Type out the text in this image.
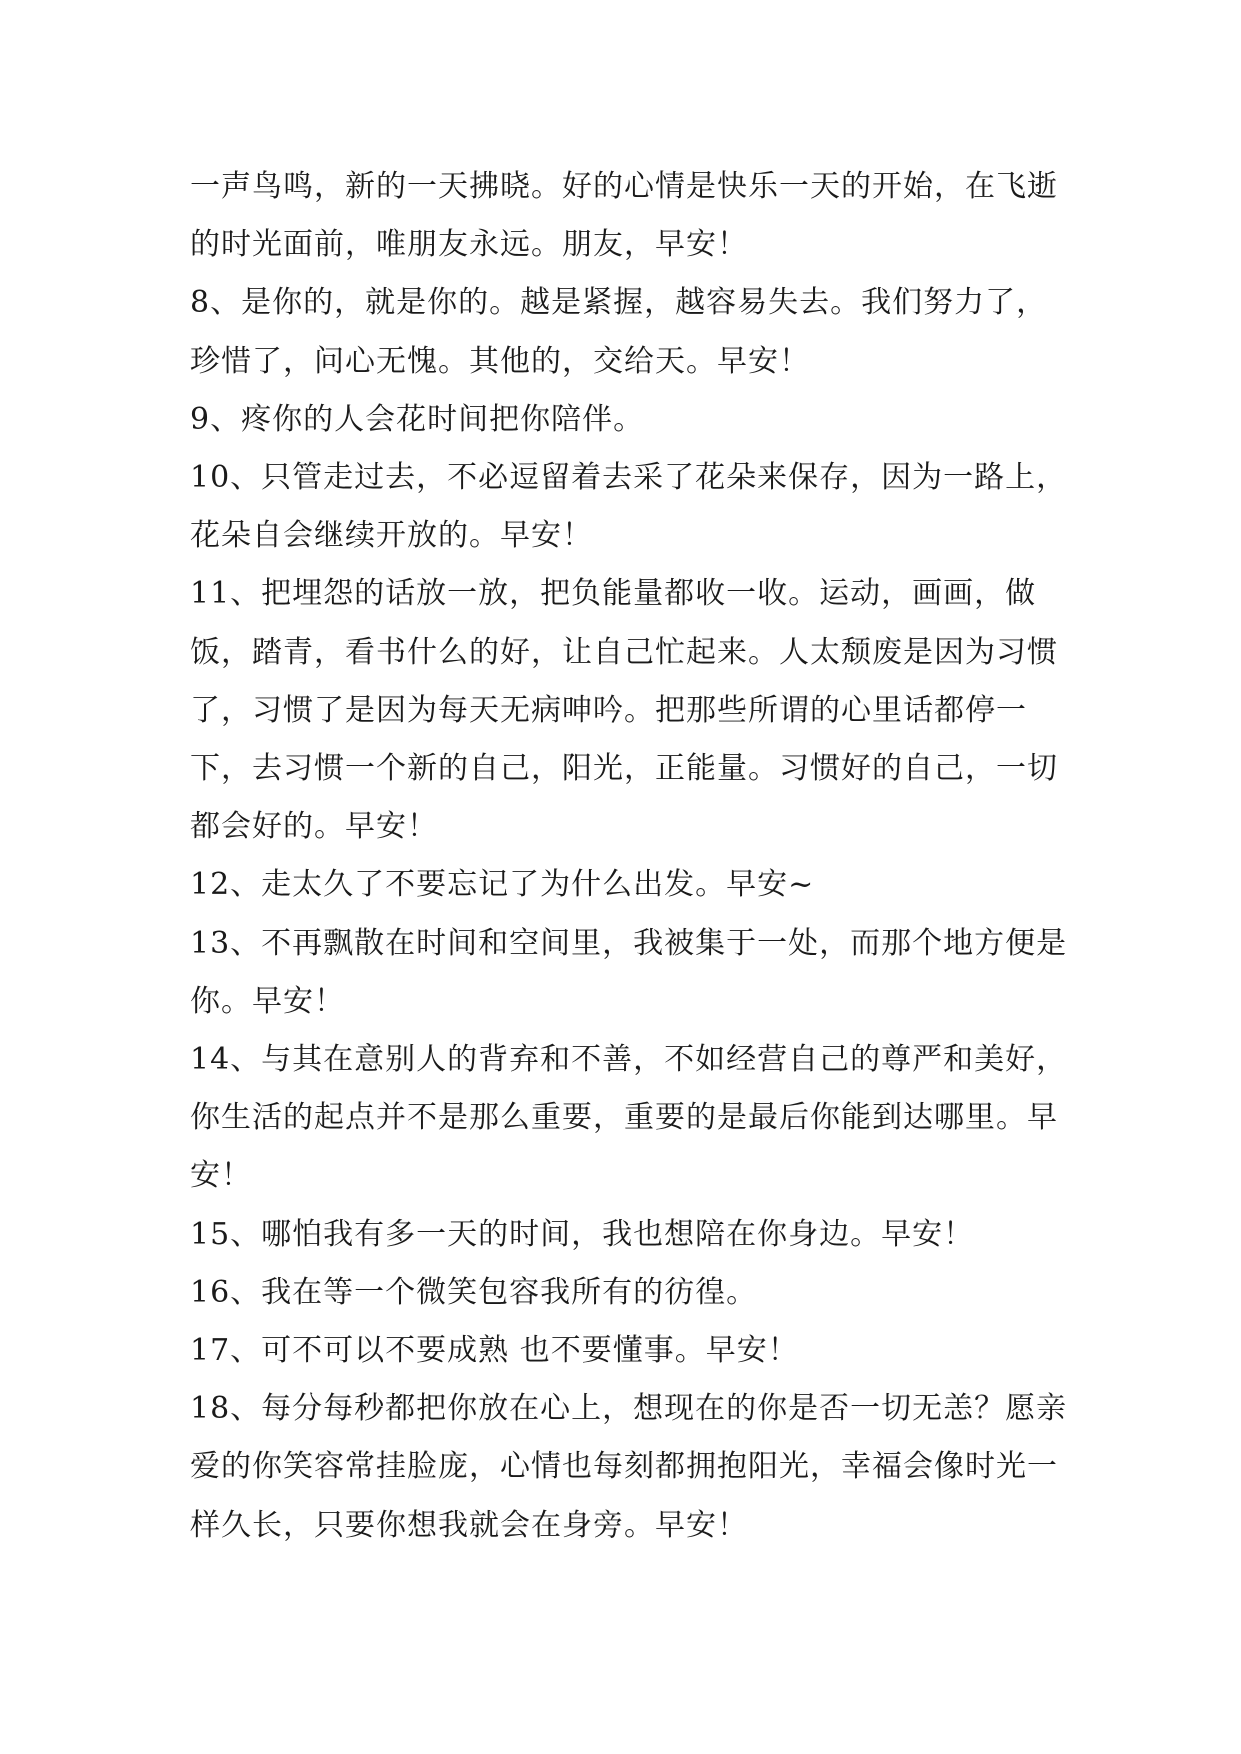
一声鸟鸣，新的一天拂晓。好的心情是快乐一天的开始，在飞逝的时光面前，唯朋友永远。朋友，早安！

8、是你的，就是你的。越是紧握，越容易失去。我们努力了，珍惜了，问心无愧。其他的，交给天。早安！

9、疼你的人会花时间把你陪伴。

10、只管走过去，不必逗留着去采了花朵来保存，因为一路上，花朵自会继续开放的。早安！

11、把埋怨的话放一放，把负能量都收一收。运动，画画，做饭，踏青，看书什么的好，让自己忙起来。人太颓废是因为习惯了，习惯了是因为每天无病呻吟。把那些所谓的心里话都停一下，去习惯一个新的自己，阳光，正能量。习惯好的自己，一切都会好的。早安！

12、走太久了不要忘记了为什么出发。早安~

13、不再飘散在时间和空间里，我被集于一处，而那个地方便是你。早安！

14、与其在意别人的背弃和不善，不如经营自己的尊严和美好，你生活的起点并不是那么重要，重要的是最后你能到达哪里。早安！

15、哪怕我有多一天的时间，我也想陪在你身边。早安！

16、我在等一个微笑包容我所有的彷徨。

17、可不可以不要成熟 也不要懂事。早安！

18、每分每秒都把你放在心上，想现在的你是否一切无恙？愿亲爱的你笑容常挂脸庞，心情也每刻都拥抱阳光，幸福会像时光一样久长，只要你想我就会在身旁。早安！
